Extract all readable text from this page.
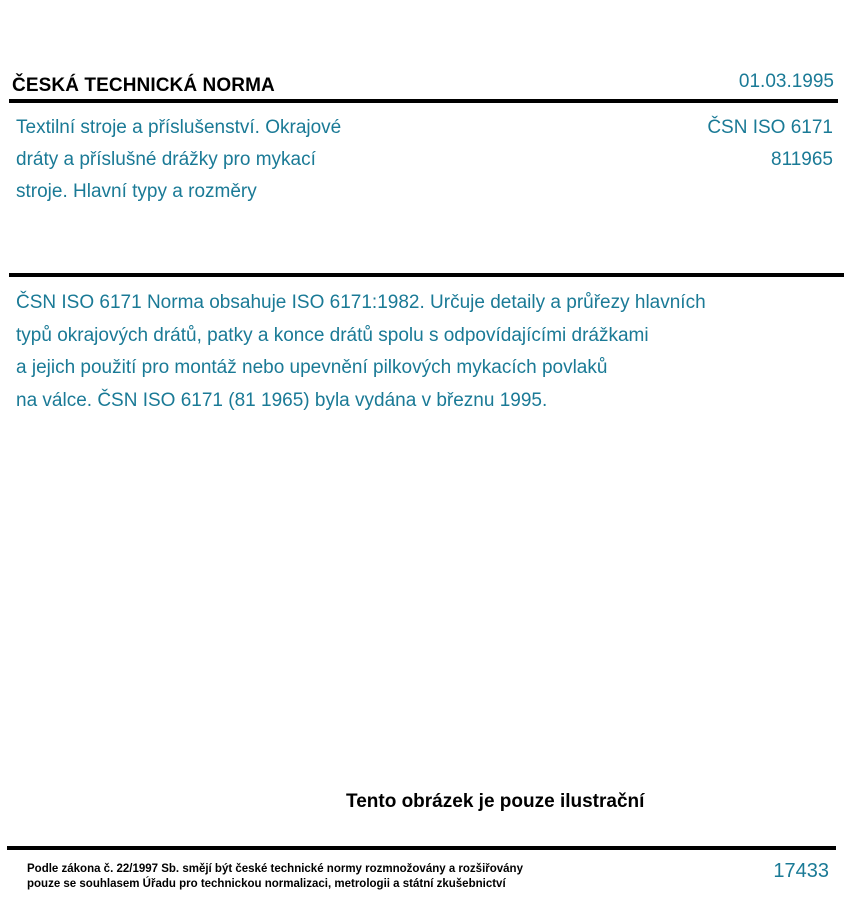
ČESKÁ TECHNICKÁ NORMA	01.03.1995
Textilní stroje a příslušenství. Okrajové
dráty a příslušné drážky pro mykací
stroje. Hlavní typy a rozměry
ČSN ISO 6171
811965
ČSN ISO 6171 Norma obsahuje ISO 6171:1982. Určuje detaily a průřezy hlavních
typů okrajových drátů, patky a konce drátů spolu s odpovídajícími drážkami
a jejich použití pro montáž nebo upevnění pilkových mykacích povlaků
na válce. ČSN ISO 6171 (81 1965) byla vydána v březnu 1995.
Tento obrázek je pouze ilustrační
Podle zákona č. 22/1997 Sb. smějí být české technické normy rozmnožovány a rozšiřovány
pouze se souhlasem Úřadu pro technickou normalizaci, metrologii a státní zkušebnictví
17433
